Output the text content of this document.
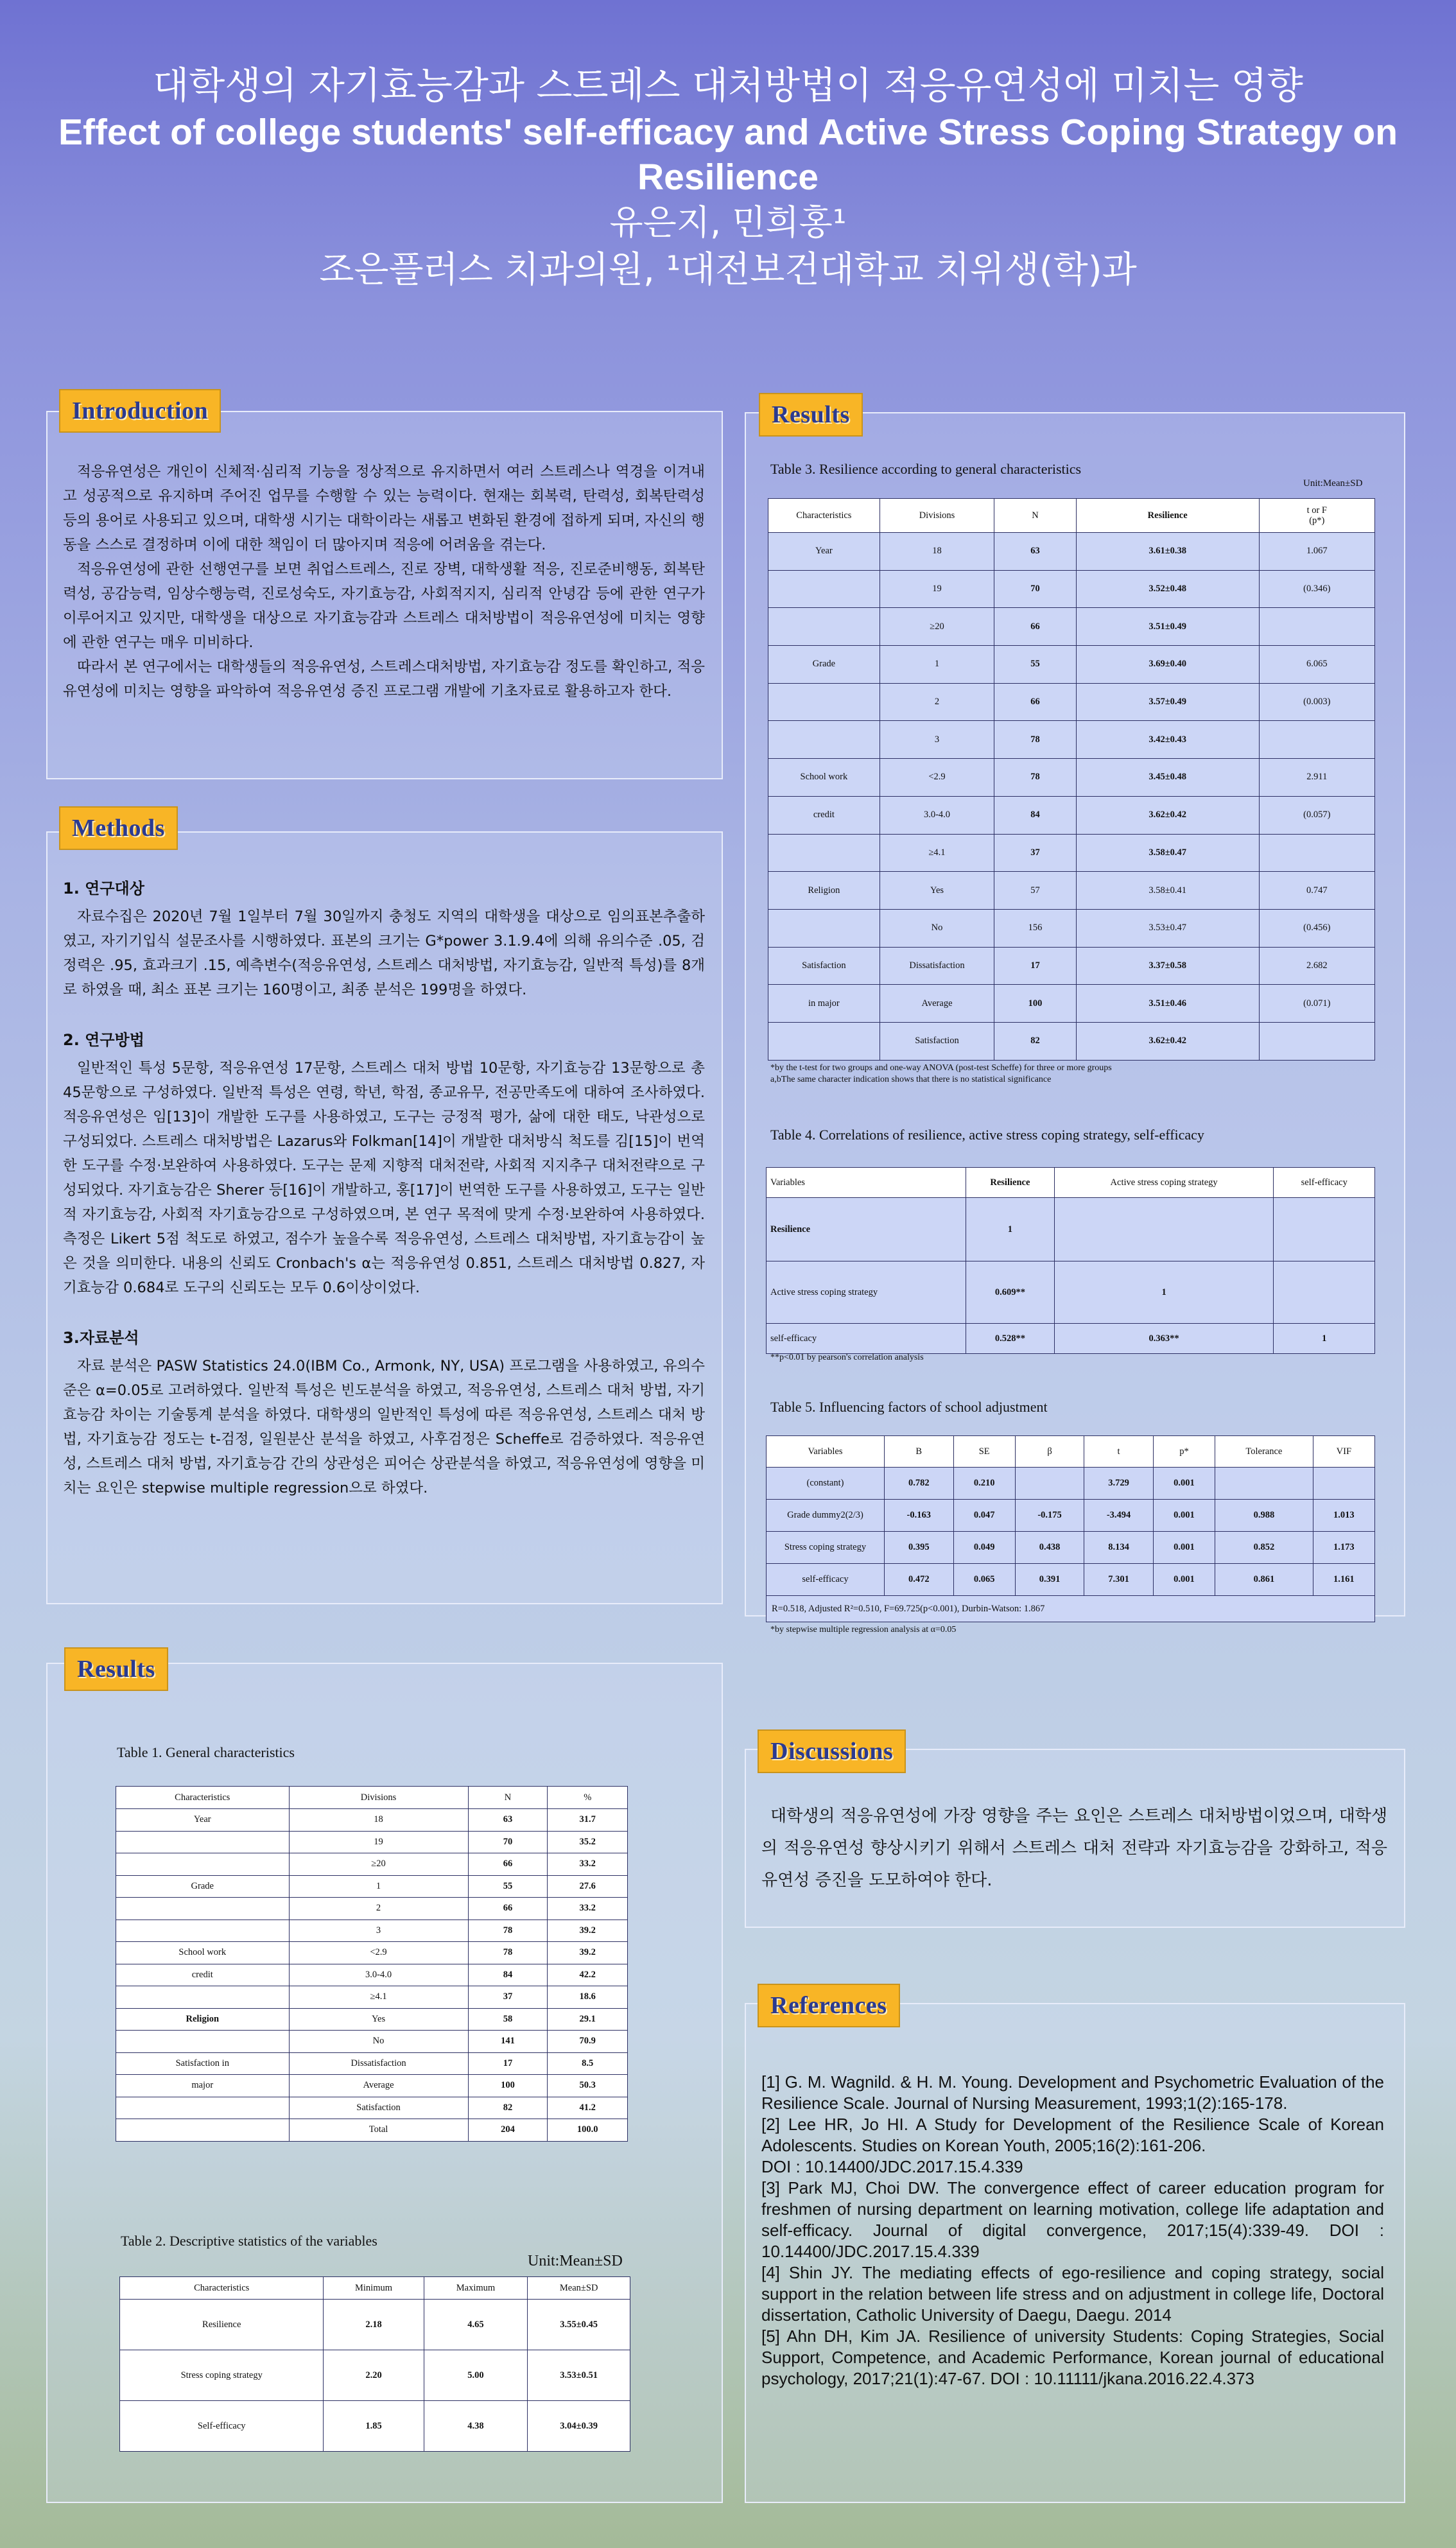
대학생의 자기효능감과 스트레스 대처방법이 적응유연성에 미치는 영향
Effect of college students' self-efficacy and Active Stress Coping Strategy on Resilience
유은지, 민희홍¹
조은플러스 치과의원, ¹대전보건대학교 치위생(학)과

적응유연성은 개인이 신체적·심리적 기능을 정상적으로 유지하면서 여러 스트레스나 역경을 이겨내고 성공적으로 유지하며 주어진 업무를 수행할 수 있는 능력이다. 현재는 회복력, 탄력성, 회복탄력성 등의 용어로 사용되고 있으며, 대학생 시기는 대학이라는 새롭고 변화된 환경에 접하게 되며, 자신의 행동을 스스로 결정하며 이에 대한 책임이 더 많아지며 적응에 어려움을 겪는다.

적응유연성에 관한 선행연구를 보면 취업스트레스, 진로 장벽, 대학생활 적응, 진로준비행동, 회복탄력성, 공감능력, 임상수행능력, 진로성숙도, 자기효능감, 사회적지지, 심리적 안녕감 등에 관한 연구가 이루어지고 있지만, 대학생을 대상으로 자기효능감과 스트레스 대처방법이 적응유연성에 미치는 영향에 관한 연구는 매우 미비하다.

따라서 본 연구에서는 대학생들의 적응유연성, 스트레스대처방법, 자기효능감 정도를 확인하고, 적응유연성에 미치는 영향을 파악하여 적응유연성 증진 프로그램 개발에 기초자료로 활용하고자 한다.

Introduction
1. 연구대상

자료수집은 2020년 7월 1일부터 7월 30일까지 충청도 지역의 대학생을 대상으로 임의표본추출하였고, 자기기입식 설문조사를 시행하였다. 표본의 크기는 G*power 3.1.9.4에 의해 유의수준 .05, 검정력은 .95, 효과크기 .15, 예측변수(적응유연성, 스트레스 대처방법, 자기효능감, 일반적 특성)를 8개로 하였을 때, 최소 표본 크기는 160명이고, 최종 분석은 199명을 하였다.

2. 연구방법

일반적인 특성 5문항, 적응유연성 17문항, 스트레스 대처 방법 10문항, 자기효능감 13문항으로 총 45문항으로 구성하였다. 일반적 특성은 연령, 학년, 학점, 종교유무, 전공만족도에 대하여 조사하였다. 적응유연성은 임[13]이 개발한 도구를 사용하였고, 도구는 긍정적 평가, 삶에 대한 태도, 낙관성으로 구성되었다. 스트레스 대처방법은 Lazarus와 Folkman[14]이 개발한 대처방식 척도를 김[15]이 번역한 도구를 수정·보완하여 사용하였다. 도구는 문제 지향적 대처전략, 사회적 지지추구 대처전략으로 구성되었다. 자기효능감은 Sherer 등[16]이 개발하고, 홍[17]이 번역한 도구를 사용하였고, 도구는 일반적 자기효능감, 사회적 자기효능감으로 구성하였으며, 본 연구 목적에 맞게 수정·보완하여 사용하였다. 측정은 Likert 5점 척도로 하였고, 점수가 높을수록 적응유연성, 스트레스 대처방법, 자기효능감이 높은 것을 의미한다. 내용의 신뢰도 Cronbach's α는 적응유연성 0.851, 스트레스 대처방법 0.827, 자기효능감 0.684로 도구의 신뢰도는 모두 0.6이상이었다.

3.자료분석

자료 분석은 PASW Statistics 24.0(IBM Co., Armonk, NY, USA) 프로그램을 사용하였고, 유의수준은 α=0.05로 고려하였다. 일반적 특성은 빈도분석을 하였고, 적응유연성, 스트레스 대처 방법, 자기효능감 차이는 기술통계 분석을 하였다. 대학생의 일반적인 특성에 따른 적응유연성, 스트레스 대처 방법, 자기효능감 정도는 t-검정, 일원분산 분석을 하였고, 사후검정은 Scheffe로 검증하였다. 적응유연성, 스트레스 대처 방법, 자기효능감 간의 상관성은 피어슨 상관분석을 하였고, 적응유연성에 영향을 미치는 요인은 stepwise multiple regression으로 하였다.

Methods
Results
Table 1. General characteristics
Characteristics	Divisions	N	%
Year	18	63	31.7
	19	70	35.2
	≥20	66	33.2
Grade	1	55	27.6
	2	66	33.2
	3	78	39.2
School work	<2.9	78	39.2
credit	3.0-4.0	84	42.2
	≥4.1	37	18.6
Religion	Yes	58	29.1
	No	141	70.9
Satisfaction in	Dissatisfaction	17	8.5
major	Average	100	50.3
	Satisfaction	82	41.2
	Total	204	100.0
Table 2. Descriptive statistics of the variables
Unit:Mean±SD
Characteristics	Minimum	Maximum	Mean±SD
Resilience	2.18	4.65	3.55±0.45
Stress coping strategy	2.20	5.00	3.53±0.51
Self-efficacy	1.85	4.38	3.04±0.39
Results
Table 3. Resilience according to general characteristics
Unit:Mean±SD
Characteristics	Divisions	N	Resilience	t or F
(p*)
Year	18	63	3.61±0.38	1.067
	19	70	3.52±0.48	(0.346)
	≥20	66	3.51±0.49	
Grade	1	55	3.69±0.40	6.065
	2	66	3.57±0.49	(0.003)
	3	78	3.42±0.43	
School work	<2.9	78	3.45±0.48	2.911
credit	3.0-4.0	84	3.62±0.42	(0.057)
	≥4.1	37	3.58±0.47	
Religion	Yes	57	3.58±0.41	0.747
	No	156	3.53±0.47	(0.456)
Satisfaction	Dissatisfaction	17	3.37±0.58	2.682
in major	Average	100	3.51±0.46	(0.071)
	Satisfaction	82	3.62±0.42	
*by the t-test for two groups and one-way ANOVA (post-test Scheffe) for three or more groups
a,bThe same character indication shows that there is no statistical significance
Table 4. Correlations of resilience, active stress coping strategy, self-efficacy
Variables	Resilience	Active stress coping strategy	self-efficacy
Resilience	1		
Active stress coping strategy	0.609**	1	
self-efficacy	0.528**	0.363**	1
**p<0.01 by pearson's correlation analysis
Table 5. Influencing factors of school adjustment
Variables	B	SE	β	t	p*	Tolerance	VIF
(constant)	0.782	0.210		3.729	0.001		
Grade dummy2(2/3)	-0.163	0.047	-0.175	-3.494	0.001	0.988	1.013
Stress coping strategy	0.395	0.049	0.438	8.134	0.001	0.852	1.173
self-efficacy	0.472	0.065	0.391	7.301	0.001	0.861	1.161
R=0.518, Adjusted R²=0.510, F=69.725(p<0.001), Durbin-Watson: 1.867							
*by stepwise multiple regression analysis at α=0.05
대학생의 적응유연성에 가장 영향을 주는 요인은 스트레스 대처방법이었으며, 대학생의 적응유연성 향상시키기 위해서 스트레스 대처 전략과 자기효능감을 강화하고, 적응유연성 증진을 도모하여야 한다.
Discussions

[1] G. M. Wagnild. & H. M. Young. Development and Psychometric Evaluation of the Resilience Scale. Journal of Nursing Measurement, 1993;1(2):165-178.

[2] Lee HR, Jo HI. A Study for Development of the Resilience Scale of Korean Adolescents. Studies on Korean Youth, 2005;16(2):161-206.

DOI : 10.14400/JDC.2017.15.4.339

[3] Park MJ, Choi DW. The convergence effect of career education program for freshmen of nursing department on learning motivation, college life adaptation and self-efficacy. Journal of digital convergence, 2017;15(4):339-49. DOI : 10.14400/JDC.2017.15.4.339

[4] Shin JY. The mediating effects of ego-resilience and coping strategy, social support in the relation between life stress and on adjustment in college life, Doctoral dissertation, Catholic University of Daegu, Daegu. 2014

[5] Ahn DH, Kim JA. Resilience of university Students: Coping Strategies, Social Support, Competence, and Academic Performance, Korean journal of educational psychology, 2017;21(1):47-67. DOI : 10.11111/jkana.2016.22.4.373

References
